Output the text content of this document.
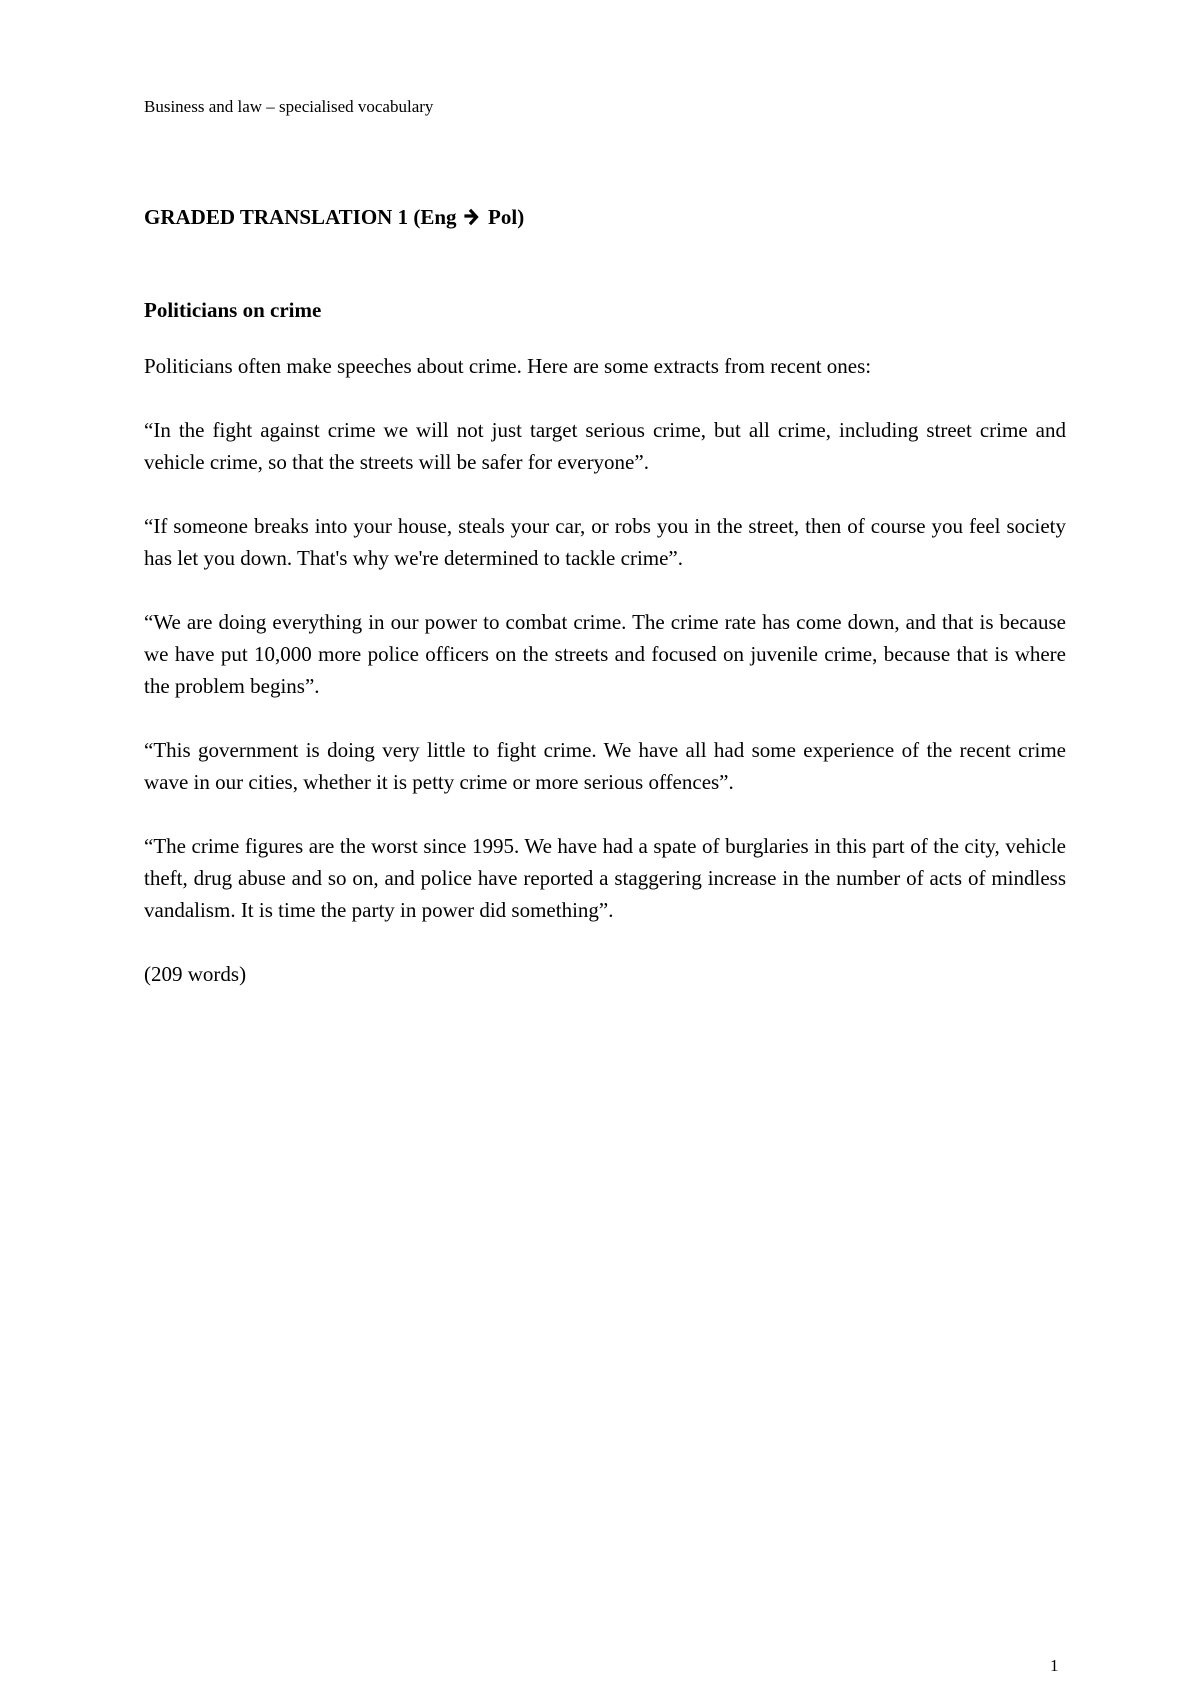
Business and law – specialised vocabulary
GRADED TRANSLATION 1 (Eng Pol)
Politicians on crime

Politicians often make speeches about crime. Here are some extracts from recent ones:

“In the fight against crime we will not just target serious crime, but all crime, including street crime and vehicle crime, so that the streets will be safer for everyone”.

“If someone breaks into your house, steals your car, or robs you in the street, then of course you feel society has let you down. That's why we're determined to tackle crime”.

“We are doing everything in our power to combat crime. The crime rate has come down, and that is because we have put 10,000 more police officers on the streets and focused on juvenile crime, because that is where the problem begins”.

“This government is doing very little to fight crime. We have all had some experience of the recent crime wave in our cities, whether it is petty crime or more serious offences”.

“The crime figures are the worst since 1995. We have had a spate of burglaries in this part of the city, vehicle theft, drug abuse and so on, and police have reported a staggering increase in the number of acts of mindless vandalism. It is time the party in power did something”.

(209 words)

1
